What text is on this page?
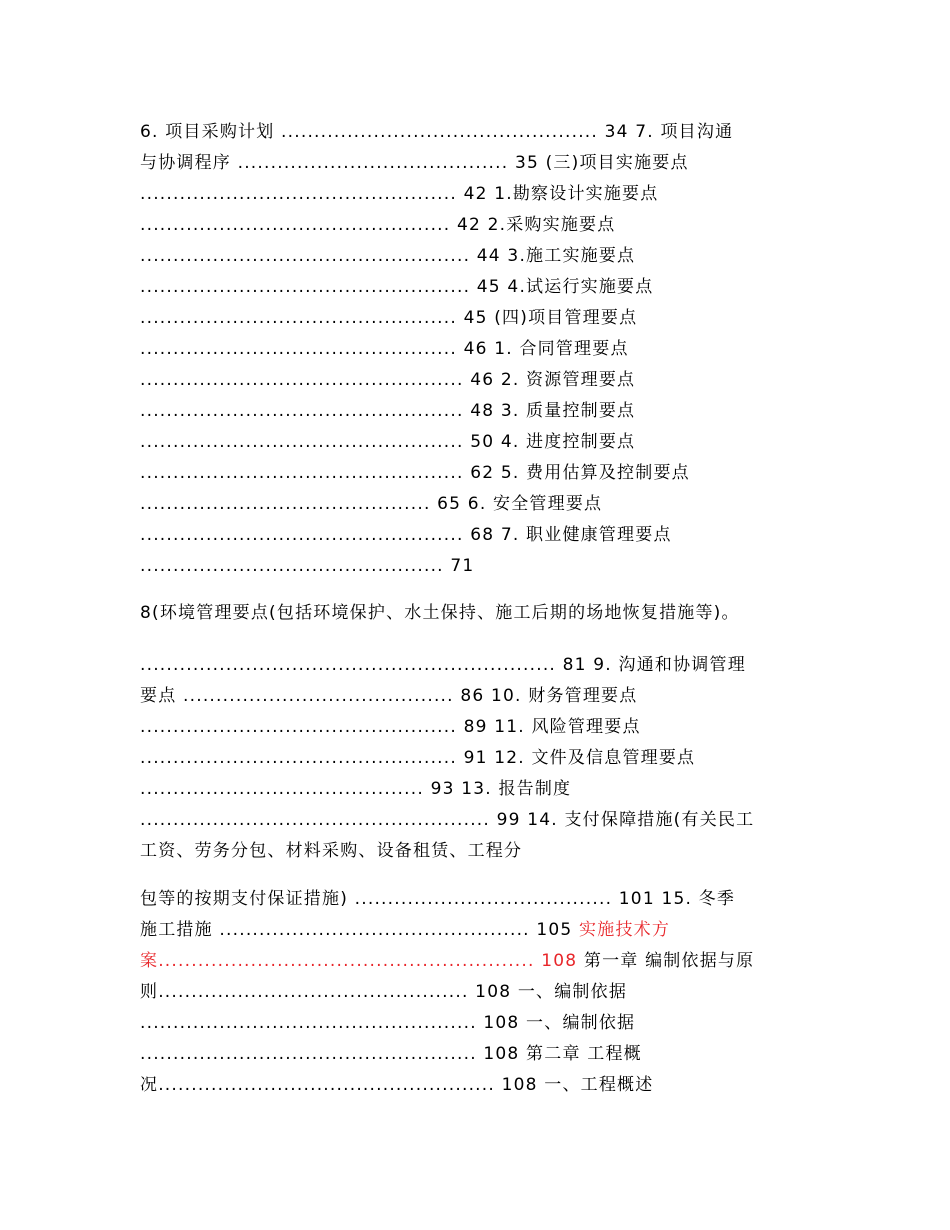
6. 项目采购计划 ................................................ 34 7. 项目沟通
与协调程序 ......................................... 35 (三)项目实施要点
................................................ 42 1.勘察设计实施要点
............................................... 42 2.采购实施要点
.................................................. 44 3.施工实施要点
.................................................. 45 4.试运行实施要点
................................................ 45 (四)项目管理要点
................................................ 46 1. 合同管理要点
................................................. 46 2. 资源管理要点
................................................. 48 3. 质量控制要点
................................................. 50 4. 进度控制要点
................................................. 62 5. 费用估算及控制要点
............................................ 65 6. 安全管理要点
................................................. 68 7. 职业健康管理要点
.............................................. 71
8(环境管理要点(包括环境保护、水土保持、施工后期的场地恢复措施等)。
............................................................... 81 9. 沟通和协调管理
要点 ......................................... 86 10. 财务管理要点
................................................ 89 11. 风险管理要点
................................................ 91 12. 文件及信息管理要点
........................................... 93 13. 报告制度
..................................................... 99 14. 支付保障措施(有关民工
工资、劳务分包、材料采购、设备租赁、工程分
包等的按期支付保证措施) ....................................... 101 15. 冬季
施工措施 ............................................... 105 实施技术方
案......................................................... 108 第一章 编制依据与原
则............................................... 108 一、编制依据
................................................... 108 一、编制依据
................................................... 108 第二章 工程概
况................................................... 108 一、工程概述
